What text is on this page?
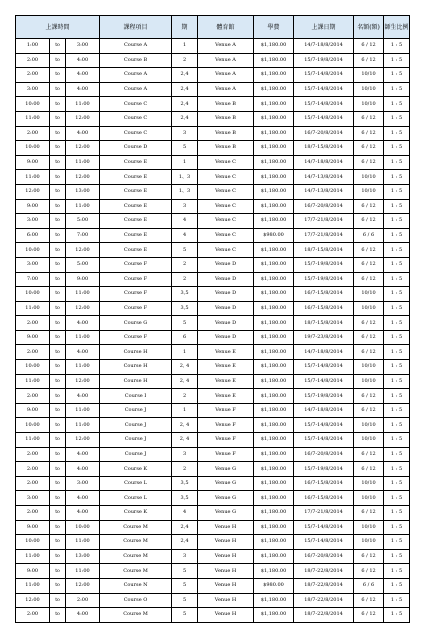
上課時間			課程項目	期	體育館	學費	上課日期	名額(額)	師生比例
1:00	to	3:00	Course A	1	Venue A	$1,180.00	14/7-18/8/2014	6 / 12	1 : 5
2:00	to	4:00	Course B	2	Venue A	$1,180.00	15/7-19/8/2014	6 / 12	1 : 5
2:00	to	4:00	Course A	2,4	Venue A	$1,180.00	15/7-14/8/2014	10/10	1 : 5
3:00	to	4:00	Course A	2,4	Venue A	$1,180.00	15/7-14/8/2014	10/10	1 : 5
10:00	to	11:00	Course C	2,4	Venue B	$1,180.00	15/7-14/8/2014	10/10	1 : 5
11:00	to	12:00	Course C	2,4	Venue B	$1,180.00	15/7-14/8/2014	6 / 12	1 : 5
2:00	to	4:00	Course C	3	Venue B	$1,180.00	16/7-20/8/2014	6 / 12	1 : 5
10:00	to	12:00	Course D	5	Venue B	$1,180.00	18/7-15/8/2014	6 / 12	1 : 5
9:00	to	11:00	Course E	1	Venue C	$1,180.00	14/7-18/8/2014	6 / 12	1 : 5
11:00	to	12:00	Course E	1、3	Venue C	$1,180.00	14/7-13/8/2014	10/10	1 : 5
12:00	to	13:00	Course E	1、3	Venue C	$1,180.00	14/7-13/8/2014	10/10	1 : 5
9:00	to	11:00	Course E	3	Venue C	$1,180.00	16/7-20/8/2014	6 / 12	1 : 5
3:00	to	5:00	Course E	4	Venue C	$1,180.00	17/7-21/8/2014	6 / 12	1 : 5
6:00	to	7:00	Course E	4	Venue C	$980.00	17/7-21/8/2014	6 / 6	1 : 5
10:00	to	12:00	Course E	5	Venue C	$1,180.00	18/7-15/8/2014	6 / 12	1 : 5
3:00	to	5:00	Course F	2	Venue D	$1,180.00	15/7-19/8/2014	6 / 12	1 : 5
7:00	to	9:00	Course F	2	Venue D	$1,180.00	15/7-19/8/2014	6 / 12	1 : 5
10:00	to	11:00	Course F	3,5	Venue D	$1,180.00	16/7-15/8/2014	10/10	1 : 5
11:00	to	12:00	Course F	3,5	Venue D	$1,180.00	16/7-15/8/2014	10/10	1 : 5
2:00	to	4:00	Course G	5	Venue D	$1,180.00	18/7-15/8/2014	6 / 12	1 : 5
9:00	to	11:00	Course F	6	Venue D	$1,180.00	19/7-23/8/2014	6 / 12	1 : 5
2:00	to	4:00	Course H	1	Venue E	$1,180.00	14/7-18/8/2014	6 / 12	1 : 5
10:00	to	11:00	Course H	2, 4	Venue E	$1,180.00	15/7-14/8/2014	10/10	1 : 5
11:00	to	12:00	Course H	2, 4	Venue E	$1,180.00	15/7-14/8/2014	10/10	1 : 5
2:00	to	4:00	Course I	2	Venue E	$1,180.00	15/7-19/8/2014	6 / 12	1 : 5
9:00	to	11:00	Course J	1	Venue F	$1,180.00	14/7-18/8/2014	6 / 12	1 : 5
10:00	to	11:00	Course J	2, 4	Venue F	$1,180.00	15/7-14/8/2014	10/10	1 : 5
11:00	to	12:00	Course J	2, 4	Venue F	$1,180.00	15/7-14/8/2014	10/10	1 : 5
2:00	to	4:00	Course J	3	Venue F	$1,180.00	16/7-20/8/2014	6 / 12	1 : 5
2:00	to	4:00	Course K	2	Venue G	$1,180.00	15/7-19/8/2014	6 / 12	1 : 5
2:00	to	3:00	Course L	3,5	Venue G	$1,180.00	16/7-15/8/2014	10/10	1 : 5
3:00	to	4:00	Course L	3,5	Venue G	$1,180.00	16/7-15/8/2014	10/10	1 : 5
2:00	to	4:00	Course K	4	Venue G	$1,180.00	17/7-21/8/2014	6 / 12	1 : 5
9:00	to	10:00	Course M	2,4	Venue H	$1,180.00	15/7-14/8/2014	10/10	1 : 5
10:00	to	11:00	Course M	2,4	Venue H	$1,180.00	15/7-14/8/2014	10/10	1 : 5
11:00	to	13:00	Course M	3	Venue H	$1,180.00	16/7-20/8/2014	6 / 12	1 : 5
9:00	to	11:00	Course M	5	Venue H	$1,180.00	18/7-22/8/2014	6 / 12	1 : 5
11:00	to	12:00	Course N	5	Venue H	$980.00	18/7-22/8/2014	6 / 6	1 : 5
12:00	to	2:00	Course O	5	Venue H	$1,180.00	18/7-22/8/2014	6 / 12	1 : 5
2:00	to	4:00	Course M	5	Venue H	$1,180.00	18/7-22/8/2014	6 / 12	1 : 5
